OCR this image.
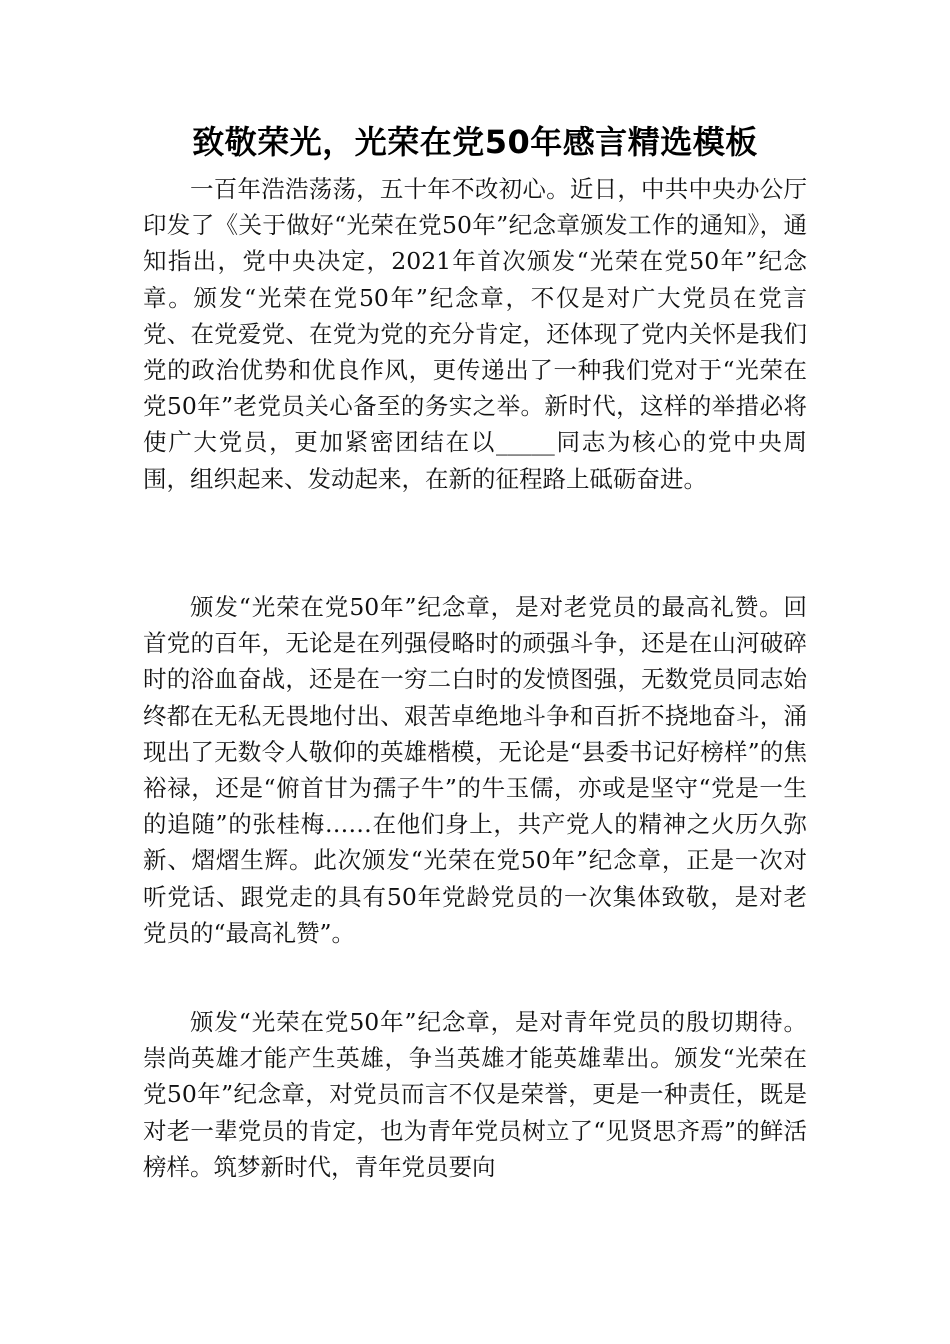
致敬荣光，光荣在党50年感言精选模板

一百年浩浩荡荡，五十年不改初心。近日，中共中央办公厅印发了《关于做好“光荣在党50年”纪念章颁发工作的通知》，通知指出，党中央决定，2021年首次颁发“光荣在党50年”纪念章。颁发“光荣在党50年”纪念章，不仅是对广大党员在党言党、在党爱党、在党为党的充分肯定，还体现了党内关怀是我们党的政治优势和优良作风，更传递出了一种我们党对于“光荣在党50年”老党员关心备至的务实之举。新时代，这样的举措必将使广大党员，更加紧密团结在以_____同志为核心的党中央周围，组织起来、发动起来，在新的征程路上砥砺奋进。

颁发“光荣在党50年”纪念章，是对老党员的最高礼赞。回首党的百年，无论是在列强侵略时的顽强斗争，还是在山河破碎时的浴血奋战，还是在一穷二白时的发愤图强，无数党员同志始终都在无私无畏地付出、艰苦卓绝地斗争和百折不挠地奋斗，涌现出了无数令人敬仰的英雄楷模，无论是“县委书记好榜样”的焦裕禄，还是“俯首甘为孺子牛”的牛玉儒，亦或是坚守“党是一生的追随”的张桂梅……在他们身上，共产党人的精神之火历久弥新、熠熠生辉。此次颁发“光荣在党50年”纪念章，正是一次对听党话、跟党走的具有50年党龄党员的一次集体致敬，是对老党员的“最高礼赞”。

颁发“光荣在党50年”纪念章，是对青年党员的殷切期待。崇尚英雄才能产生英雄，争当英雄才能英雄辈出。颁发“光荣在党50年”纪念章，对党员而言不仅是荣誉，更是一种责任，既是对老一辈党员的肯定，也为青年党员树立了“见贤思齐焉”的鲜活榜样。筑梦新时代，青年党员要向
